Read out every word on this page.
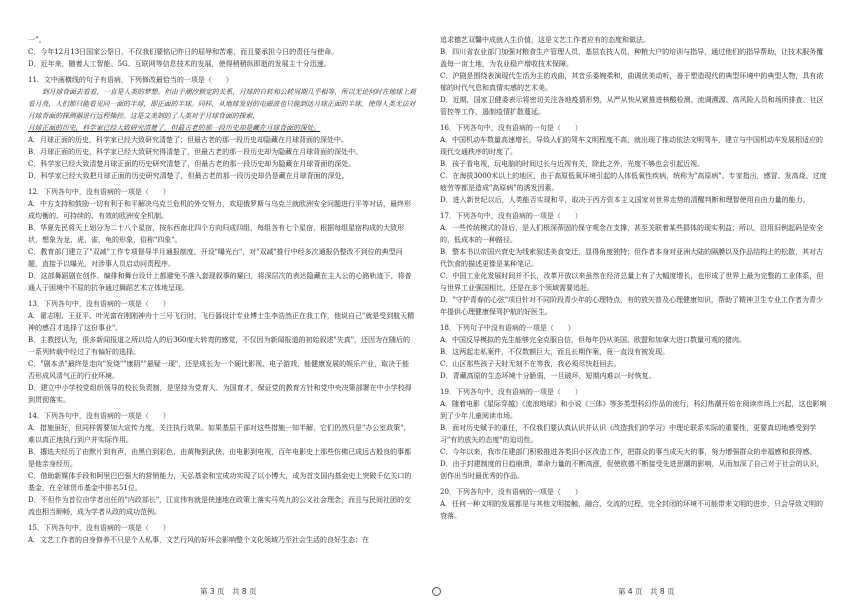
一”。
C．今年12月13日国家公祭日，不仅我们要铭记昨日的屈辱和苦难，而且要承担今日的责任与使命。
D．近年来，随着人工智能、5G、互联网等信息技术的发展，使得稍稍纵即逝的发展主十分迅速。
11．文中画横线的句子有语病，下列修改最恰当的一项是（　　）
到月球背面去看看，一直是人类的梦想。但由于潮汐锁定的关系，月球的自转和公转周期几乎相等，所以无论何时在地球上观看月亮，人们都只能看见同一面的半球，即正面的半球。同样，从地球发射的电磁波也只能到达月球正面的半球，使得人类无法对月球背面的探测器进行远程操控。这是文美制的了人类对于月球背面的探索，
月球正面的历史，科学家已经大致研究清楚了，但最古老的那一段历史却是藏在月球背面的深处。
A．月球正面的历史，科学家已经大致研究清楚了；但最古老的那一段历史却隐藏在月球背面的深处中。
B．月球正面的历史，科学家已经大致研究得清楚了，但最古老的那一段历史却为隐藏在月球背面的深处中。
C．科学家已经大致清楚月球正面的历史研究清楚了，但最古老的那一段历史却为隐藏在月球背面的深处。
D．科学家已经大致把月球正面的历史研究清楚了，但最古老的那一段历史却仍是藏在月球背面的深处。
12．下列各句中，没有语病的一项是（　　）
A．中方支持和鼓励一切有利于和平解决乌克兰危机的外交努力，欢迎俄罗斯与乌克兰就欧洲安全问题进行平等对话，最终形成均衡的、可持续的、有效的欧洲安全机制。
B．华夏先民将天上划分为二十八个星宿，按东西南北四个方向归成四组，每组各有七个星宿，根据每组星宿构成的大致形状，想象为龙、虎、雀、龟的形象，俗称"四象"。
C．教育部门建立了"双减"工作专项督导半月通报制度，开设"曝光台"，对"双减"推行中经多次通报仍整改不到位的典型问题，直接予以曝光，对涉事人员启动问责程序。
D．这部舞蹈剧在创作、编排和舞台设计上都避免不落入套现叙事的窠臼，将深层次的表达隐藏在主人公的心路轨迹下，将普通人于困境中不屈的抗争通过舞蹈艺术立体地呈现。
13．下列各句中，没有语病的一项是（　　）
A．翟志刚、王亚平、叶光富在刚刚神舟十三号飞行时，飞行器设计专业博士生李浩然正在我工作，他说自己"就是受到航天精神的感召才选择了这份事业"。
B．主教授认为，很多新闻报道之所以给人的后360度大转弯的感觉，不仅因为新闻报道的初始叙述"失真"，还因为在随后的一系列转载中经过了有偏好的选择。
C．"剧本杀"最终是走向"发烧""康阴""悬疑一现"，还是成长为一个硬比影视、电子游戏，能健康发展的娱乐产业，取决于能否形成风清气正的行业环境。
D．建立中小学校党组织领导的校长负责制，是坚持为党育人、为国育才，保证党的教育方针和党中央决策部署在中小学校得到贯彻落实。
14．下列各句中，没有语病的一项是（　　）
A．措施虽好，但同样需要加大宣传力度，关注执行效果。如果基层干部对这些措施一知半解，它们仍然只是"办公室政策"，难以真正地执行到户并实际作用。
B．撂选夫经历了由默片到有声，由黑白到彩色，由黄梅到武侠，由电影到电视，百年电影史上那些仿佛已成远古般良的事都是他亲身经历。
C．借助新媒体手段和阿里巴巴强大的营销能力，天弘基金和宝成功实现了以小博大，成为首支国内基金史上突破千亿关口的基金，在全球货币基金中排名51位。
D．不但作为首位由学者出任的"内政部长"，江宣伟有就是侠速地在政策上落实马英九的公义社会理念，而且与民间社团的交流也相当顺畅，成为学者从政的成功范例。
15．下列各句中，没有语病的一项是（　　）
A．文艺工作者的自身修养不只是个人私事，文艺行风的好坏会影响整个文化领域乃至社会生活的良好生态；在
追求德艺双馨中成就人生价值，这是文艺工作者应有的态度和做法。
B．四川省农业部门加强对粮食生产管理人员、基层农技人员、种粮大户的培训与指导，通过他们的指导帮助，让技术服务覆盖每一亩土地，为农业稳产增收技术保障。
C．沪剧是围绕表演现代生活为主的戏曲，其音乐委婉柔和，曲调优美动听，善于塑造现代的典型环境中的典型人物，具有浓郁的时代气息和真情实感的艺术美。
D．近期，国家卫健委表示将密切关注各地疫情形势，从严从快从紧推进核酸检测、流调溯源、高风险人员和场所排查、社区管控等工作，遏制疫情扩散蔓延。
16．下列各句中，没有语病的一句是（　　）
A．中国机动车数量高速增长，导致人们的驾车文明程度不高，就出现了推动依法文明驾车，建立与中国机动车发展相适应的现代交通秩序的时度了。
B．孩子看电视，玩电脑的时间过长与近视有关，除此之外，光度不够也会引起近视。
C．在海拔3000米以上的地区，由于高原低氧环境引起的人体低氧性疾病，统称为"高原病"。专家指出，感冒、发高烧、过度疲劳等都是造成"高原病"的诱发因素。
D．进入新世纪以后，人类能否实现和平，取决于西方资本主义国家对世界走势的清醒判断和理智使用自由力量的能力。
17．下列各句中，没有语病的一项是（　　）
A．一些传统模式的背后，是人们根深蒂固的保守观念在支撑，甚至关联着某些群体的现实利益；所以，沿用旧例起码是安全的，低成本的一种路径。
B．整本书以帝国兴衰史为线索叙述美食变迁，显得角度独特；但作者本身对亚洲大陆的隔膜以及作品结构上的松散，其对古代饮食的描述更像是某种笔记。
C．中国工业化发展时间并不长，改革开放以来虽然在经济总量上有了大幅度增长，也形成了世界上最为完整的工业体系，但与世界工业强国相比，还是在多个领域需要追赶。
D．"守护青春的心弦"项目针对不同阶段青少年的心理特点，有的放矢普及心理健康知识，帮助了精神卫生专业工作者为青少年提供心理健康保驾护航的好医生。
18．下列句子中没有语病的一项是（　　）
A．中国反导模拟的先生能够完全克服自信，但每年仍从美国、欧盟和加拿大进口数量可观的猪肉。
B．这两起走私案件，不仅数额巨大，而且长期作案，竟一直没有被发现。
C．山区那些孩子天时无刻不在等我，我必须尽快赶回去。
D．青藏高原的生态环境十分脆弱，一旦破坏，短期内难以一时恢复。
19．下列各句中，没有语病的一项是（　　）
A．随着电影《星际穿越》《流浪地球》和小说《三体》等多类型科幻作品的流行，科幻热潮开始在阅读市场上兴起，这也影响到了少年儿童阅读市场。
B．面对历史赋予的重任，不仅我们要认真认识并认识《改造我们的学习》中理论联系实际的重要性，更要真切地感受到学习"有的放矢的态度"的迫切性。
C．今年以来，我市住建部门积极推进各类旧小区改造工作，把群众的事当成天大的事，努力增强群众的幸福感和获得感。
D．由于封建制度的日趋崩溃，革命力量的不断高涨，促使欧德不断接受先进思潮的影响，从而加深了自己对于社会的认识，创作出当时最优秀的作品。
20．下列各句中，没有语病的一项是（　　）
A．任何一种文明的发展都是与其他文明接触、融合、交流的过程，完全封闭的环境不可能带来文明的进步，只会导致文明的衰落。
第 3 页　共 8 页	第 4 页　共 8 页
